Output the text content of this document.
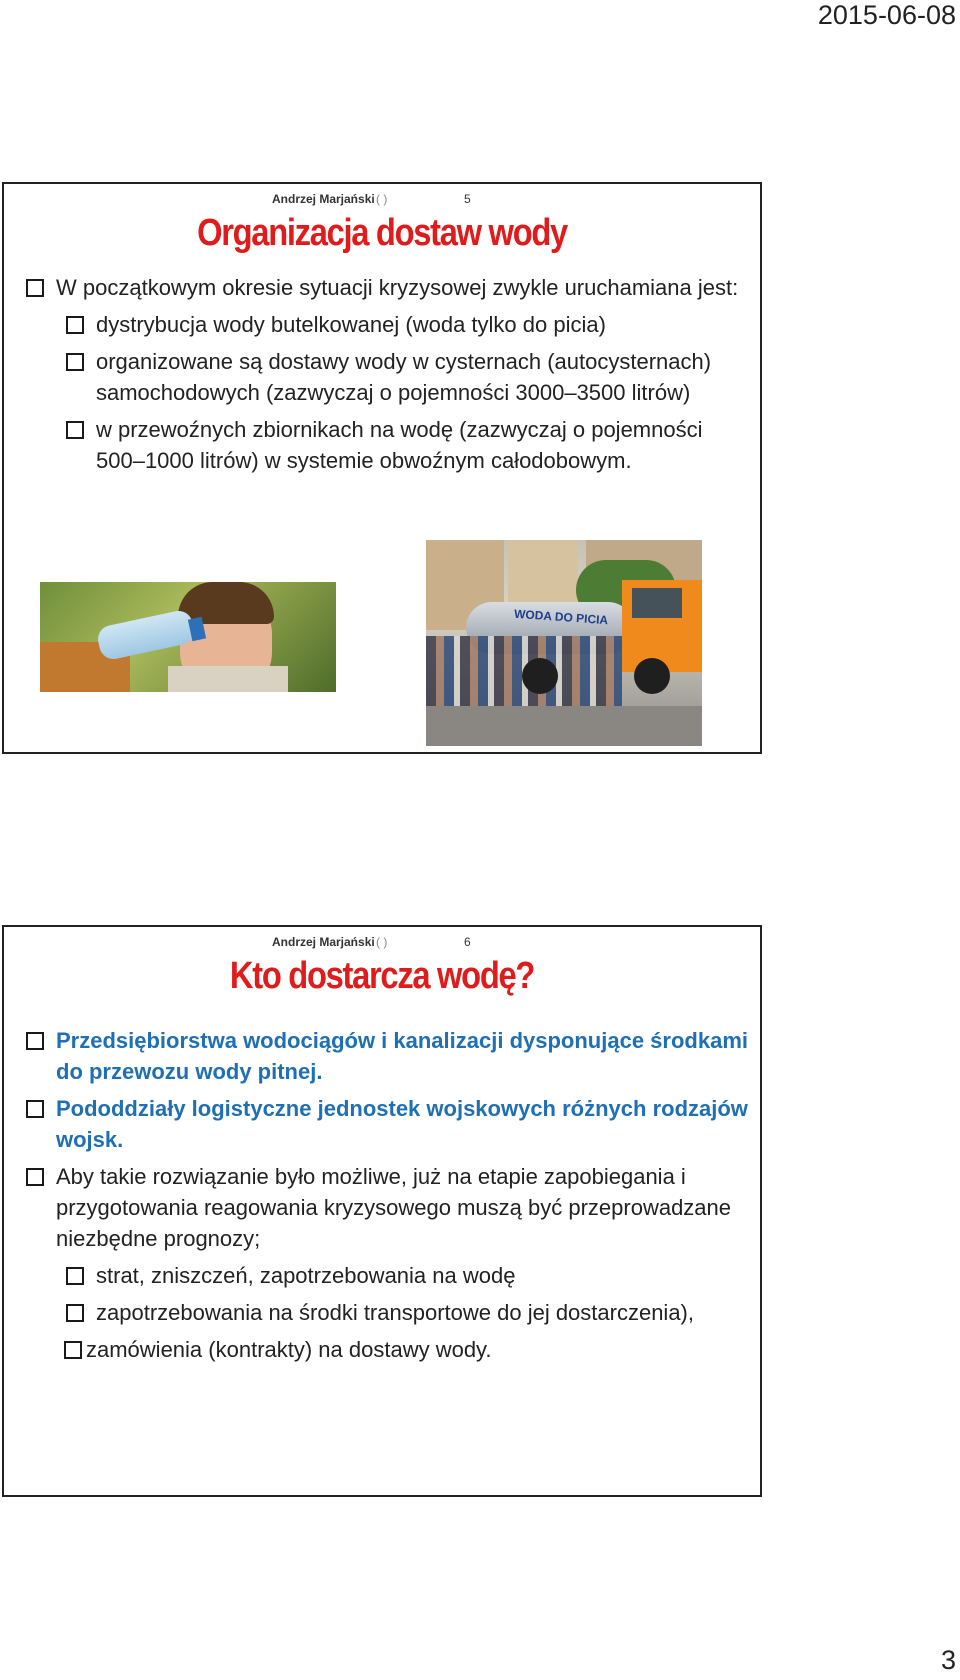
2015-06-08
Andrzej Marjański ( )	5
Organizacja dostaw wody

W początkowym okresie sytuacji kryzysowej zwykle uruchamiana jest:

dystrybucja wody butelkowanej (woda tylko do picia)

organizowane są dostawy wody w cysternach (autocysternach) samochodowych (zazwyczaj o pojemności 3000–3500 litrów)

w przewoźnych zbiornikach na wodę (zazwyczaj o pojemności 500–1000 litrów) w systemie obwoźnym całodobowym.

WODA DO PICIA
Andrzej Marjański ( )	6
Kto dostarcza wodę?

Przedsiębiorstwa wodociągów i kanalizacji dysponujące środkami do przewozu wody pitnej.

Pododdziały logistyczne jednostek wojskowych różnych rodzajów wojsk.

Aby takie rozwiązanie było możliwe, już na etapie zapobiegania i przygotowania reagowania kryzysowego muszą być przeprowadzane niezbędne prognozy;

strat, zniszczeń, zapotrzebowania na wodę

zapotrzebowania na środki transportowe do jej dostarczenia),

zamówienia (kontrakty) na dostawy wody.

3
